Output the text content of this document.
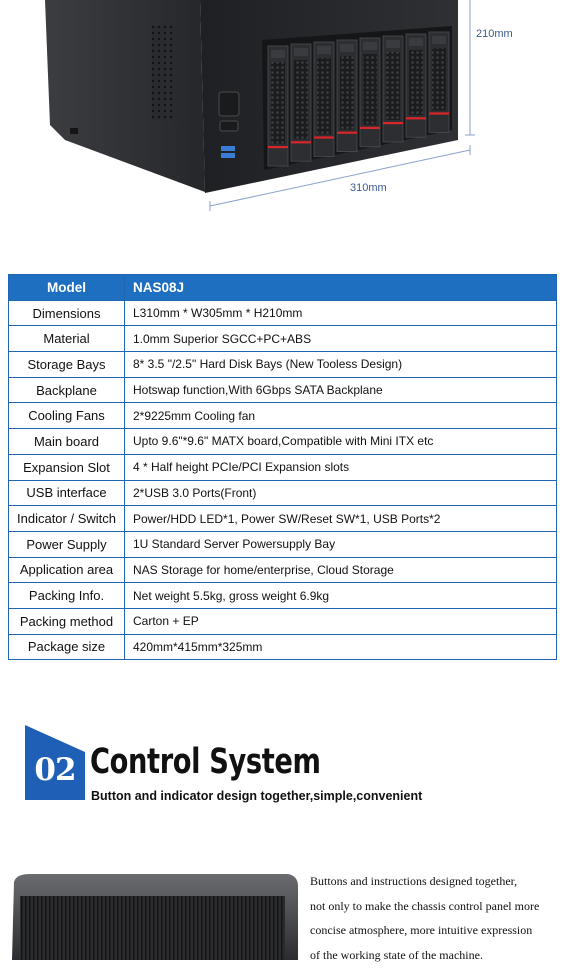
210mm
310mm
Model	NAS08J
Dimensions	L310mm * W305mm * H210mm
Material	1.0mm Superior SGCC+PC+ABS
Storage Bays	8* 3.5 "/2.5" Hard Disk Bays (New Tooless Design)
Backplane	Hotswap function,With 6Gbps SATA Backplane
Cooling Fans	2*9225mm Cooling fan
Main board	Upto 9.6"*9.6" MATX board,Compatible with Mini ITX etc
Expansion Slot	4 * Half height PCIe/PCI Expansion slots
USB interface	2*USB 3.0 Ports(Front)
Indicator / Switch	Power/HDD LED*1, Power SW/Reset SW*1, USB Ports*2
Power Supply	1U Standard Server Powersupply Bay
Application area	NAS Storage for home/enterprise, Cloud Storage
Packing Info.	Net weight 5.5kg, gross weight 6.9kg
Packing method	Carton + EP
Package size	420mm*415mm*325mm
02 Control System
Button and indicator design together,simple,convenient
Buttons and instructions designed together,
not only to make the chassis control panel more
concise atmosphere, more intuitive expression
of the working state of the machine.
